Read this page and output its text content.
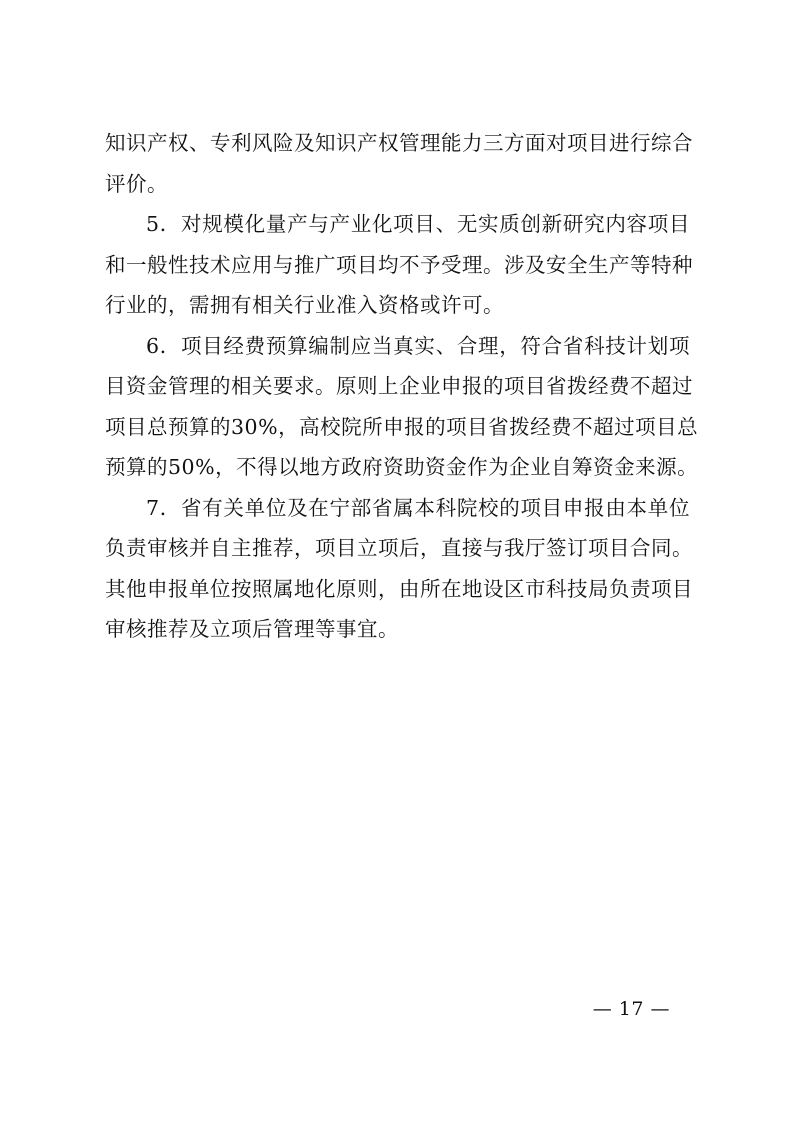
知识产权、专利风险及知识产权管理能力三方面对项目进行综合
评价。
5．对规模化量产与产业化项目、无实质创新研究内容项目
和一般性技术应用与推广项目均不予受理。涉及安全生产等特种
行业的，需拥有相关行业准入资格或许可。
6．项目经费预算编制应当真实、合理，符合省科技计划项
目资金管理的相关要求。原则上企业申报的项目省拨经费不超过
项目总预算的30%，高校院所申报的项目省拨经费不超过项目总
预算的50%，不得以地方政府资助资金作为企业自筹资金来源。
7．省有关单位及在宁部省属本科院校的项目申报由本单位
负责审核并自主推荐，项目立项后，直接与我厅签订项目合同。
其他申报单位按照属地化原则，由所在地设区市科技局负责项目
审核推荐及立项后管理等事宜。
— 17 —
